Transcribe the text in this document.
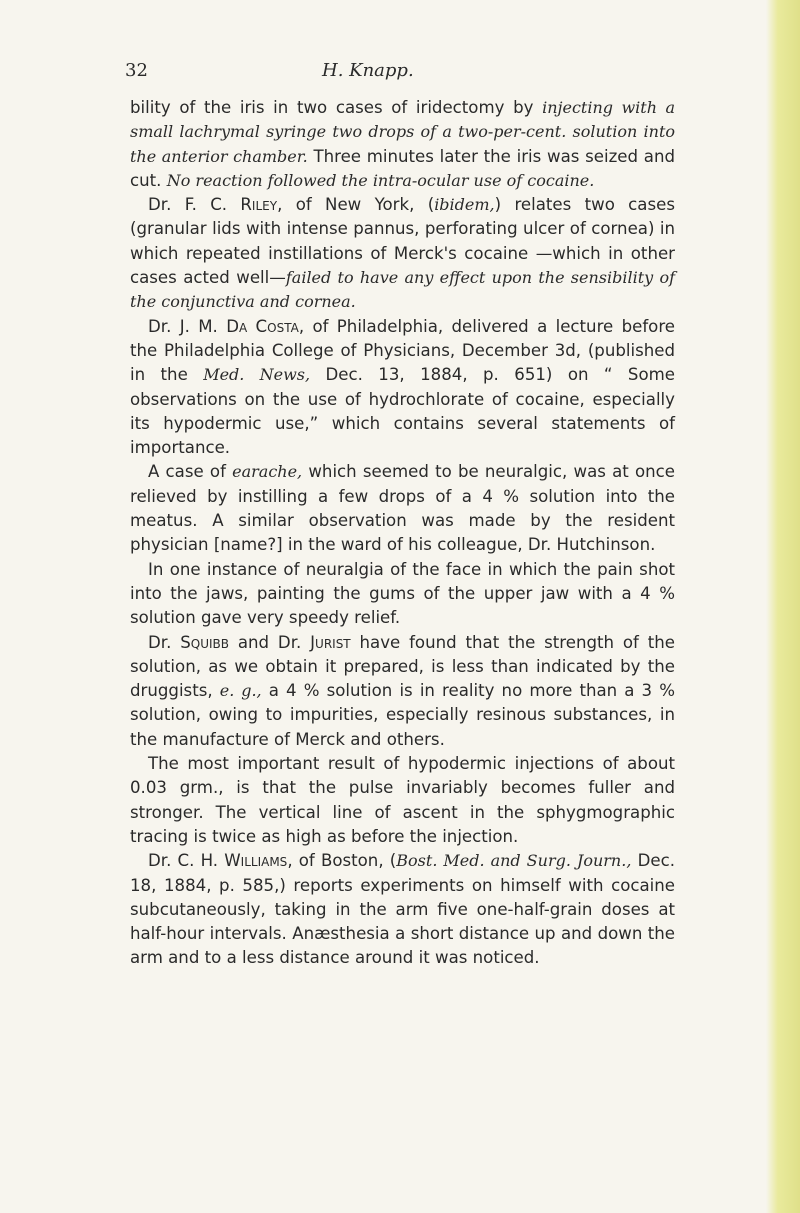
32	H. Knapp.

bility of the iris in two cases of iridectomy by injecting with a small lachrymal syringe two drops of a two-per-cent. solution into the anterior chamber. Three minutes later the iris was seized and cut. No reaction followed the intra-ocular use of cocaine.

Dr. F. C. Riley, of New York, (ibidem,) relates two cases (granular lids with intense pannus, perforating ulcer of cornea) in which repeated instillations of Merck's cocaine —which in other cases acted well—failed to have any effect upon the sensibility of the conjunctiva and cornea.

Dr. J. M. Da Costa, of Philadelphia, delivered a lecture before the Philadelphia College of Physicians, December 3d, (published in the Med. News, Dec. 13, 1884, p. 651) on “ Some observations on the use of hydrochlorate of cocaine, especially its hypodermic use,” which contains several statements of importance.

A case of earache, which seemed to be neuralgic, was at once relieved by instilling a few drops of a 4 % solution into the meatus. A similar observation was made by the resident physician [name?] in the ward of his colleague, Dr. Hutchinson.

In one instance of neuralgia of the face in which the pain shot into the jaws, painting the gums of the upper jaw with a 4 % solution gave very speedy relief.

Dr. Squibb and Dr. Jurist have found that the strength of the solution, as we obtain it prepared, is less than indicated by the druggists, e. g., a 4 % solution is in reality no more than a 3 % solution, owing to impurities, especially resinous substances, in the manufacture of Merck and others.

The most important result of hypodermic injections of about 0.03 grm., is that the pulse invariably becomes fuller and stronger. The vertical line of ascent in the sphygmographic tracing is twice as high as before the injection.

Dr. C. H. Williams, of Boston, (Bost. Med. and Surg. Journ., Dec. 18, 1884, p. 585,) reports experiments on himself with cocaine subcutaneously, taking in the arm five one-half-grain doses at half-hour intervals. Anæsthesia a short distance up and down the arm and to a less distance around it was noticed.
